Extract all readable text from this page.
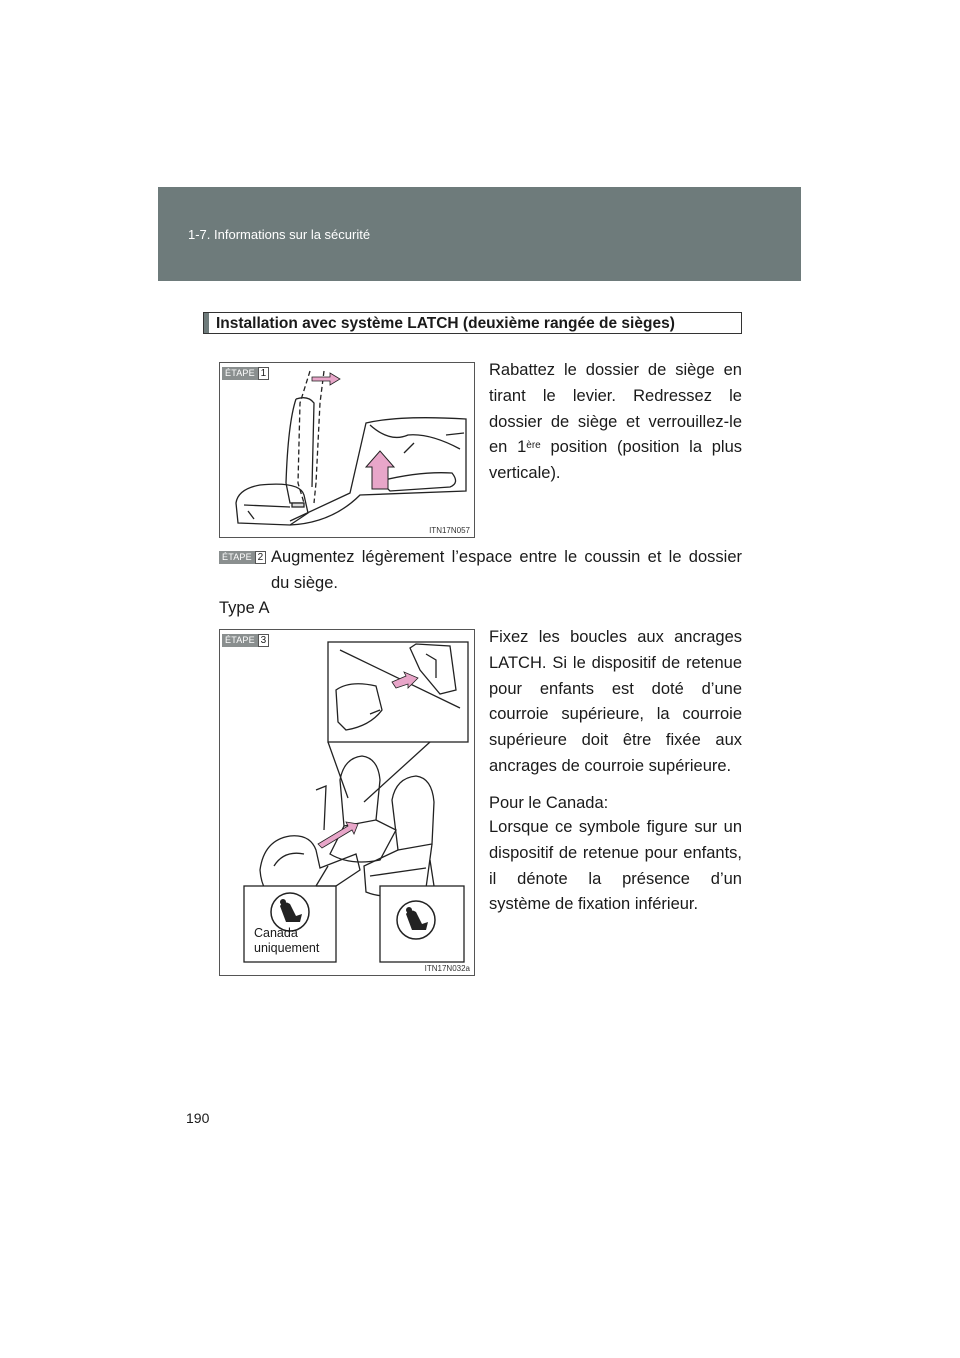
1-7. Informations sur la sécurité
Installation avec système LATCH (deuxième rangée de sièges)
ÉTAPE 1
ITN17N057
Rabattez le dossier de siège en tirant le levier. Redressez le dossier de siège et verrouillez-le en 1ère position (position la plus verticale).
ÉTAPE 2 Augmentez légèrement l’espace entre le coussin et le dossier du siège.
Type A
ÉTAPE 3
Canada
uniquement
ITN17N032a
Fixez les boucles aux ancrages LATCH. Si le dispositif de retenue pour enfants est doté d’une courroie supérieure, la courroie supérieure doit être fixée aux ancrages de courroie supérieure.
Pour le Canada:
Lorsque ce symbole figure sur un dispositif de retenue pour enfants, il dénote la présence d’un système de fixation inférieur.
190
